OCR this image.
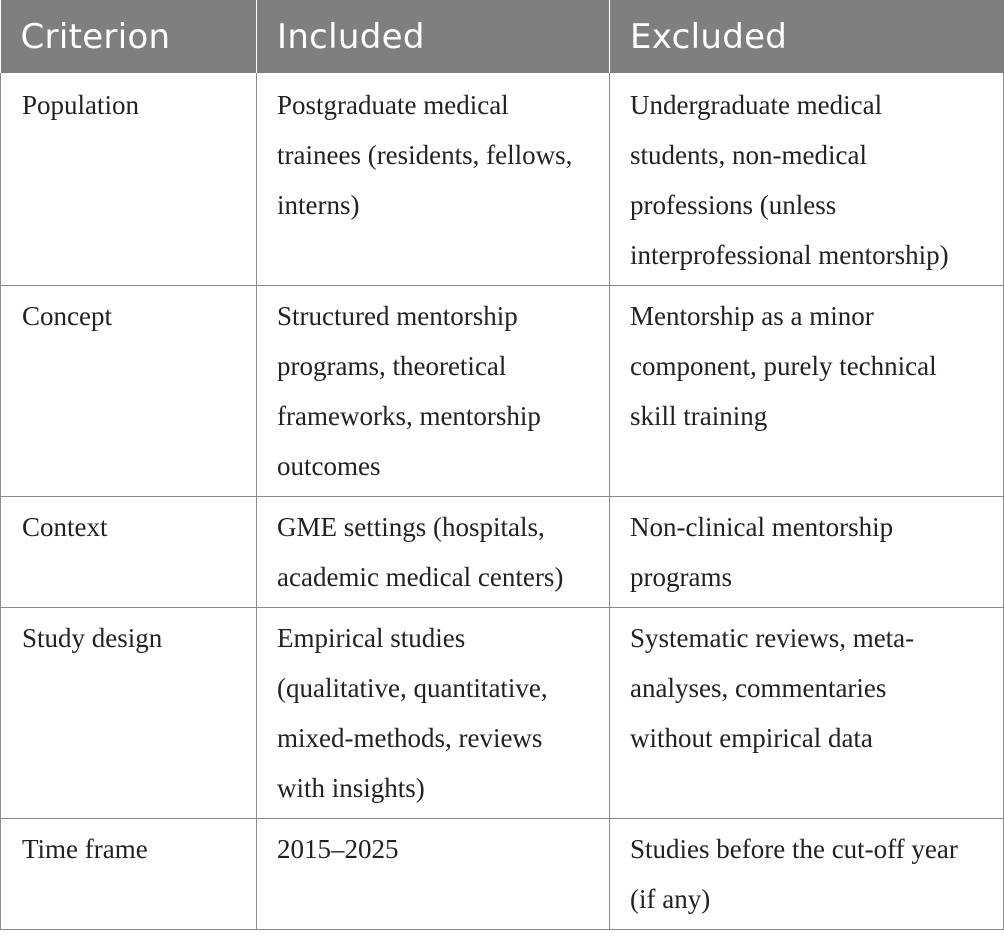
Criterion	Included	Excluded

Population	Postgraduate medical
trainees (residents, fellows,
interns)	Undergraduate medical
students, non-medical
professions (unless
interprofessional mentorship)

Concept	Structured mentorship
programs, theoretical
frameworks, mentorship
outcomes	Mentorship as a minor
component, purely technical
skill training

Context	GME settings (hospitals,
academic medical centers)	Non-clinical mentorship
programs

Study design	Empirical studies
(qualitative, quantitative,
mixed-methods, reviews
with insights)	Systematic reviews, meta-
analyses, commentaries
without empirical data

Time frame	2015–2025	Studies before the cut-off year
(if any)
